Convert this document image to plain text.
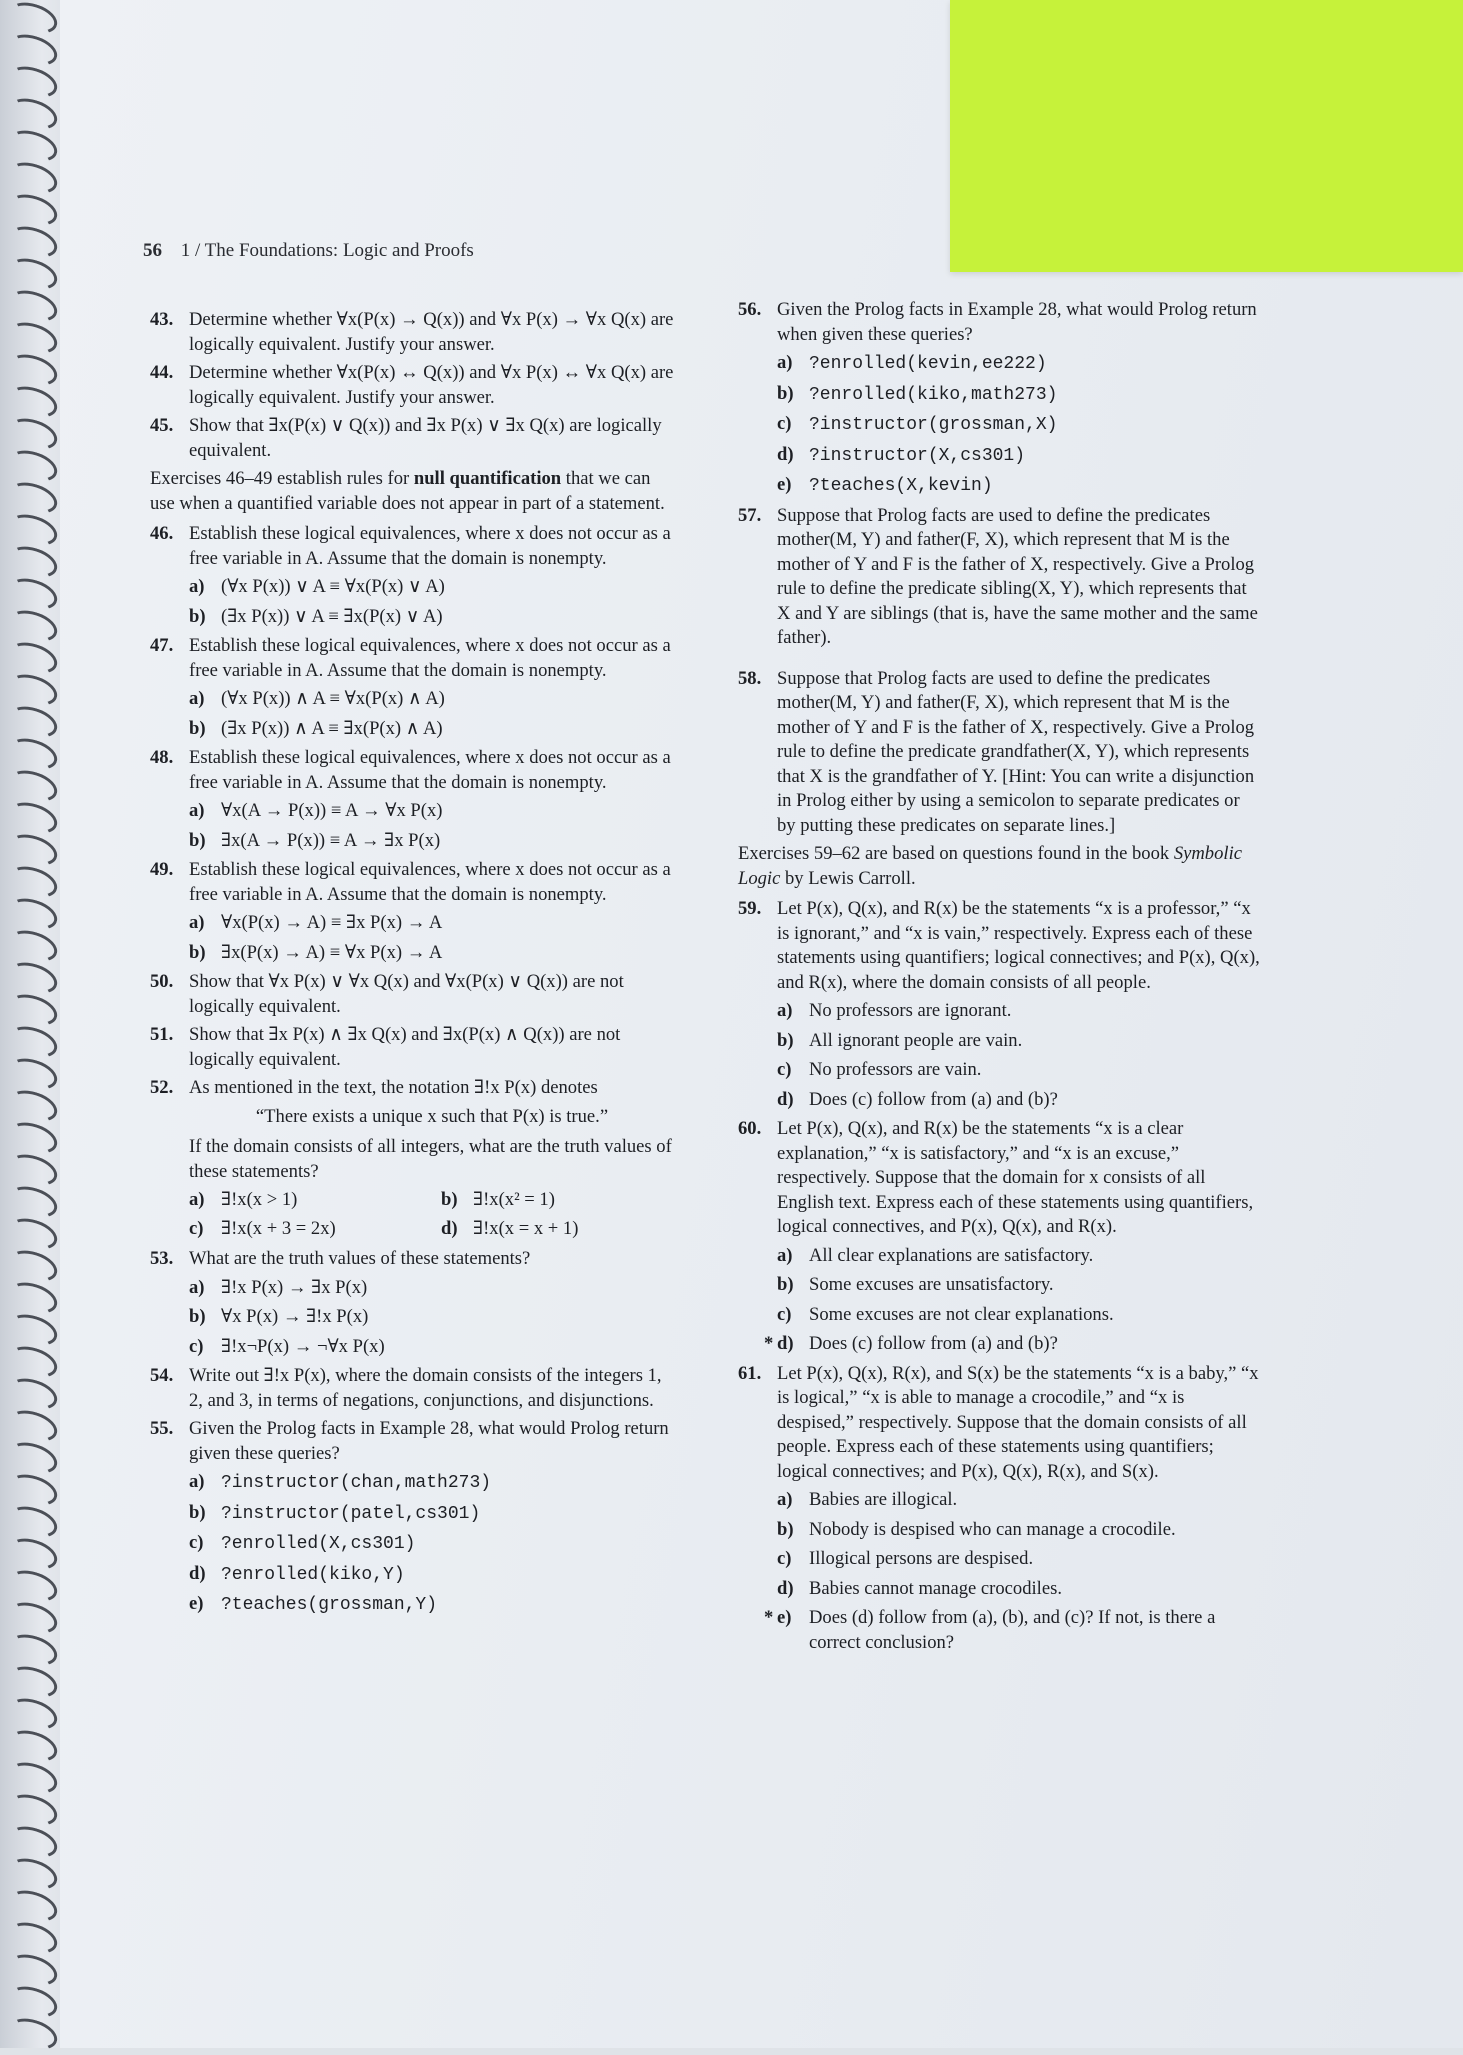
56 1 / The Foundations: Logic and Proofs
43. Determine whether ∀x(P(x) → Q(x)) and ∀x P(x) → ∀x Q(x) are logically equivalent. Justify your answer.
44. Determine whether ∀x(P(x) ↔ Q(x)) and ∀x P(x) ↔ ∀x Q(x) are logically equivalent. Justify your answer.
45. Show that ∃x(P(x) ∨ Q(x)) and ∃x P(x) ∨ ∃x Q(x) are logically equivalent.
Exercises 46–49 establish rules for null quantification that we can use when a quantified variable does not appear in part of a statement.
46. Establish these logical equivalences, where x does not occur as a free variable in A. Assume that the domain is nonempty.
a) (∀x P(x)) ∨ A ≡ ∀x(P(x) ∨ A)
b) (∃x P(x)) ∨ A ≡ ∃x(P(x) ∨ A)
47. Establish these logical equivalences, where x does not occur as a free variable in A. Assume that the domain is nonempty.
a) (∀x P(x)) ∧ A ≡ ∀x(P(x) ∧ A)
b) (∃x P(x)) ∧ A ≡ ∃x(P(x) ∧ A)
48. Establish these logical equivalences, where x does not occur as a free variable in A. Assume that the domain is nonempty.
a) ∀x(A → P(x)) ≡ A → ∀x P(x)
b) ∃x(A → P(x)) ≡ A → ∃x P(x)
49. Establish these logical equivalences, where x does not occur as a free variable in A. Assume that the domain is nonempty.
a) ∀x(P(x) → A) ≡ ∃x P(x) → A
b) ∃x(P(x) → A) ≡ ∀x P(x) → A
50. Show that ∀x P(x) ∨ ∀x Q(x) and ∀x(P(x) ∨ Q(x)) are not logically equivalent.
51. Show that ∃x P(x) ∧ ∃x Q(x) and ∃x(P(x) ∧ Q(x)) are not logically equivalent.
52. As mentioned in the text, the notation ∃!x P(x) denotes
“There exists a unique x such that P(x) is true.”
If the domain consists of all integers, what are the truth values of these statements?
a) ∃!x(x > 1)	b) ∃!x(x² = 1)
c) ∃!x(x + 3 = 2x)	d) ∃!x(x = x + 1)
53. What are the truth values of these statements?
a) ∃!x P(x) → ∃x P(x)
b) ∀x P(x) → ∃!x P(x)
c) ∃!x¬P(x) → ¬∀x P(x)
54. Write out ∃!x P(x), where the domain consists of the integers 1, 2, and 3, in terms of negations, conjunctions, and disjunctions.
55. Given the Prolog facts in Example 28, what would Prolog return given these queries?
a) ?instructor(chan,math273)
b) ?instructor(patel,cs301)
c) ?enrolled(X,cs301)
d) ?enrolled(kiko,Y)
e) ?teaches(grossman,Y)
56. Given the Prolog facts in Example 28, what would Prolog return when given these queries?
a) ?enrolled(kevin,ee222)
b) ?enrolled(kiko,math273)
c) ?instructor(grossman,X)
d) ?instructor(X,cs301)
e) ?teaches(X,kevin)
57. Suppose that Prolog facts are used to define the predicates mother(M, Y) and father(F, X), which represent that M is the mother of Y and F is the father of X, respectively. Give a Prolog rule to define the predicate sibling(X, Y), which represents that X and Y are siblings (that is, have the same mother and the same father).
58. Suppose that Prolog facts are used to define the predicates mother(M, Y) and father(F, X), which represent that M is the mother of Y and F is the father of X, respectively. Give a Prolog rule to define the predicate grandfather(X, Y), which represents that X is the grandfather of Y. [Hint: You can write a disjunction in Prolog either by using a semicolon to separate predicates or by putting these predicates on separate lines.]
Exercises 59–62 are based on questions found in the book Symbolic Logic by Lewis Carroll.
59. Let P(x), Q(x), and R(x) be the statements “x is a professor,” “x is ignorant,” and “x is vain,” respectively. Express each of these statements using quantifiers; logical connectives; and P(x), Q(x), and R(x), where the domain consists of all people.
a) No professors are ignorant.
b) All ignorant people are vain.
c) No professors are vain.
d) Does (c) follow from (a) and (b)?
60. Let P(x), Q(x), and R(x) be the statements “x is a clear explanation,” “x is satisfactory,” and “x is an excuse,” respectively. Suppose that the domain for x consists of all English text. Express each of these statements using quantifiers, logical connectives, and P(x), Q(x), and R(x).
a) All clear explanations are satisfactory.
b) Some excuses are unsatisfactory.
c) Some excuses are not clear explanations.
* d) Does (c) follow from (a) and (b)?
61. Let P(x), Q(x), R(x), and S(x) be the statements “x is a baby,” “x is logical,” “x is able to manage a crocodile,” and “x is despised,” respectively. Suppose that the domain consists of all people. Express each of these statements using quantifiers; logical connectives; and P(x), Q(x), R(x), and S(x).
a) Babies are illogical.
b) Nobody is despised who can manage a crocodile.
c) Illogical persons are despised.
d) Babies cannot manage crocodiles.
* e) Does (d) follow from (a), (b), and (c)? If not, is there a correct conclusion?
